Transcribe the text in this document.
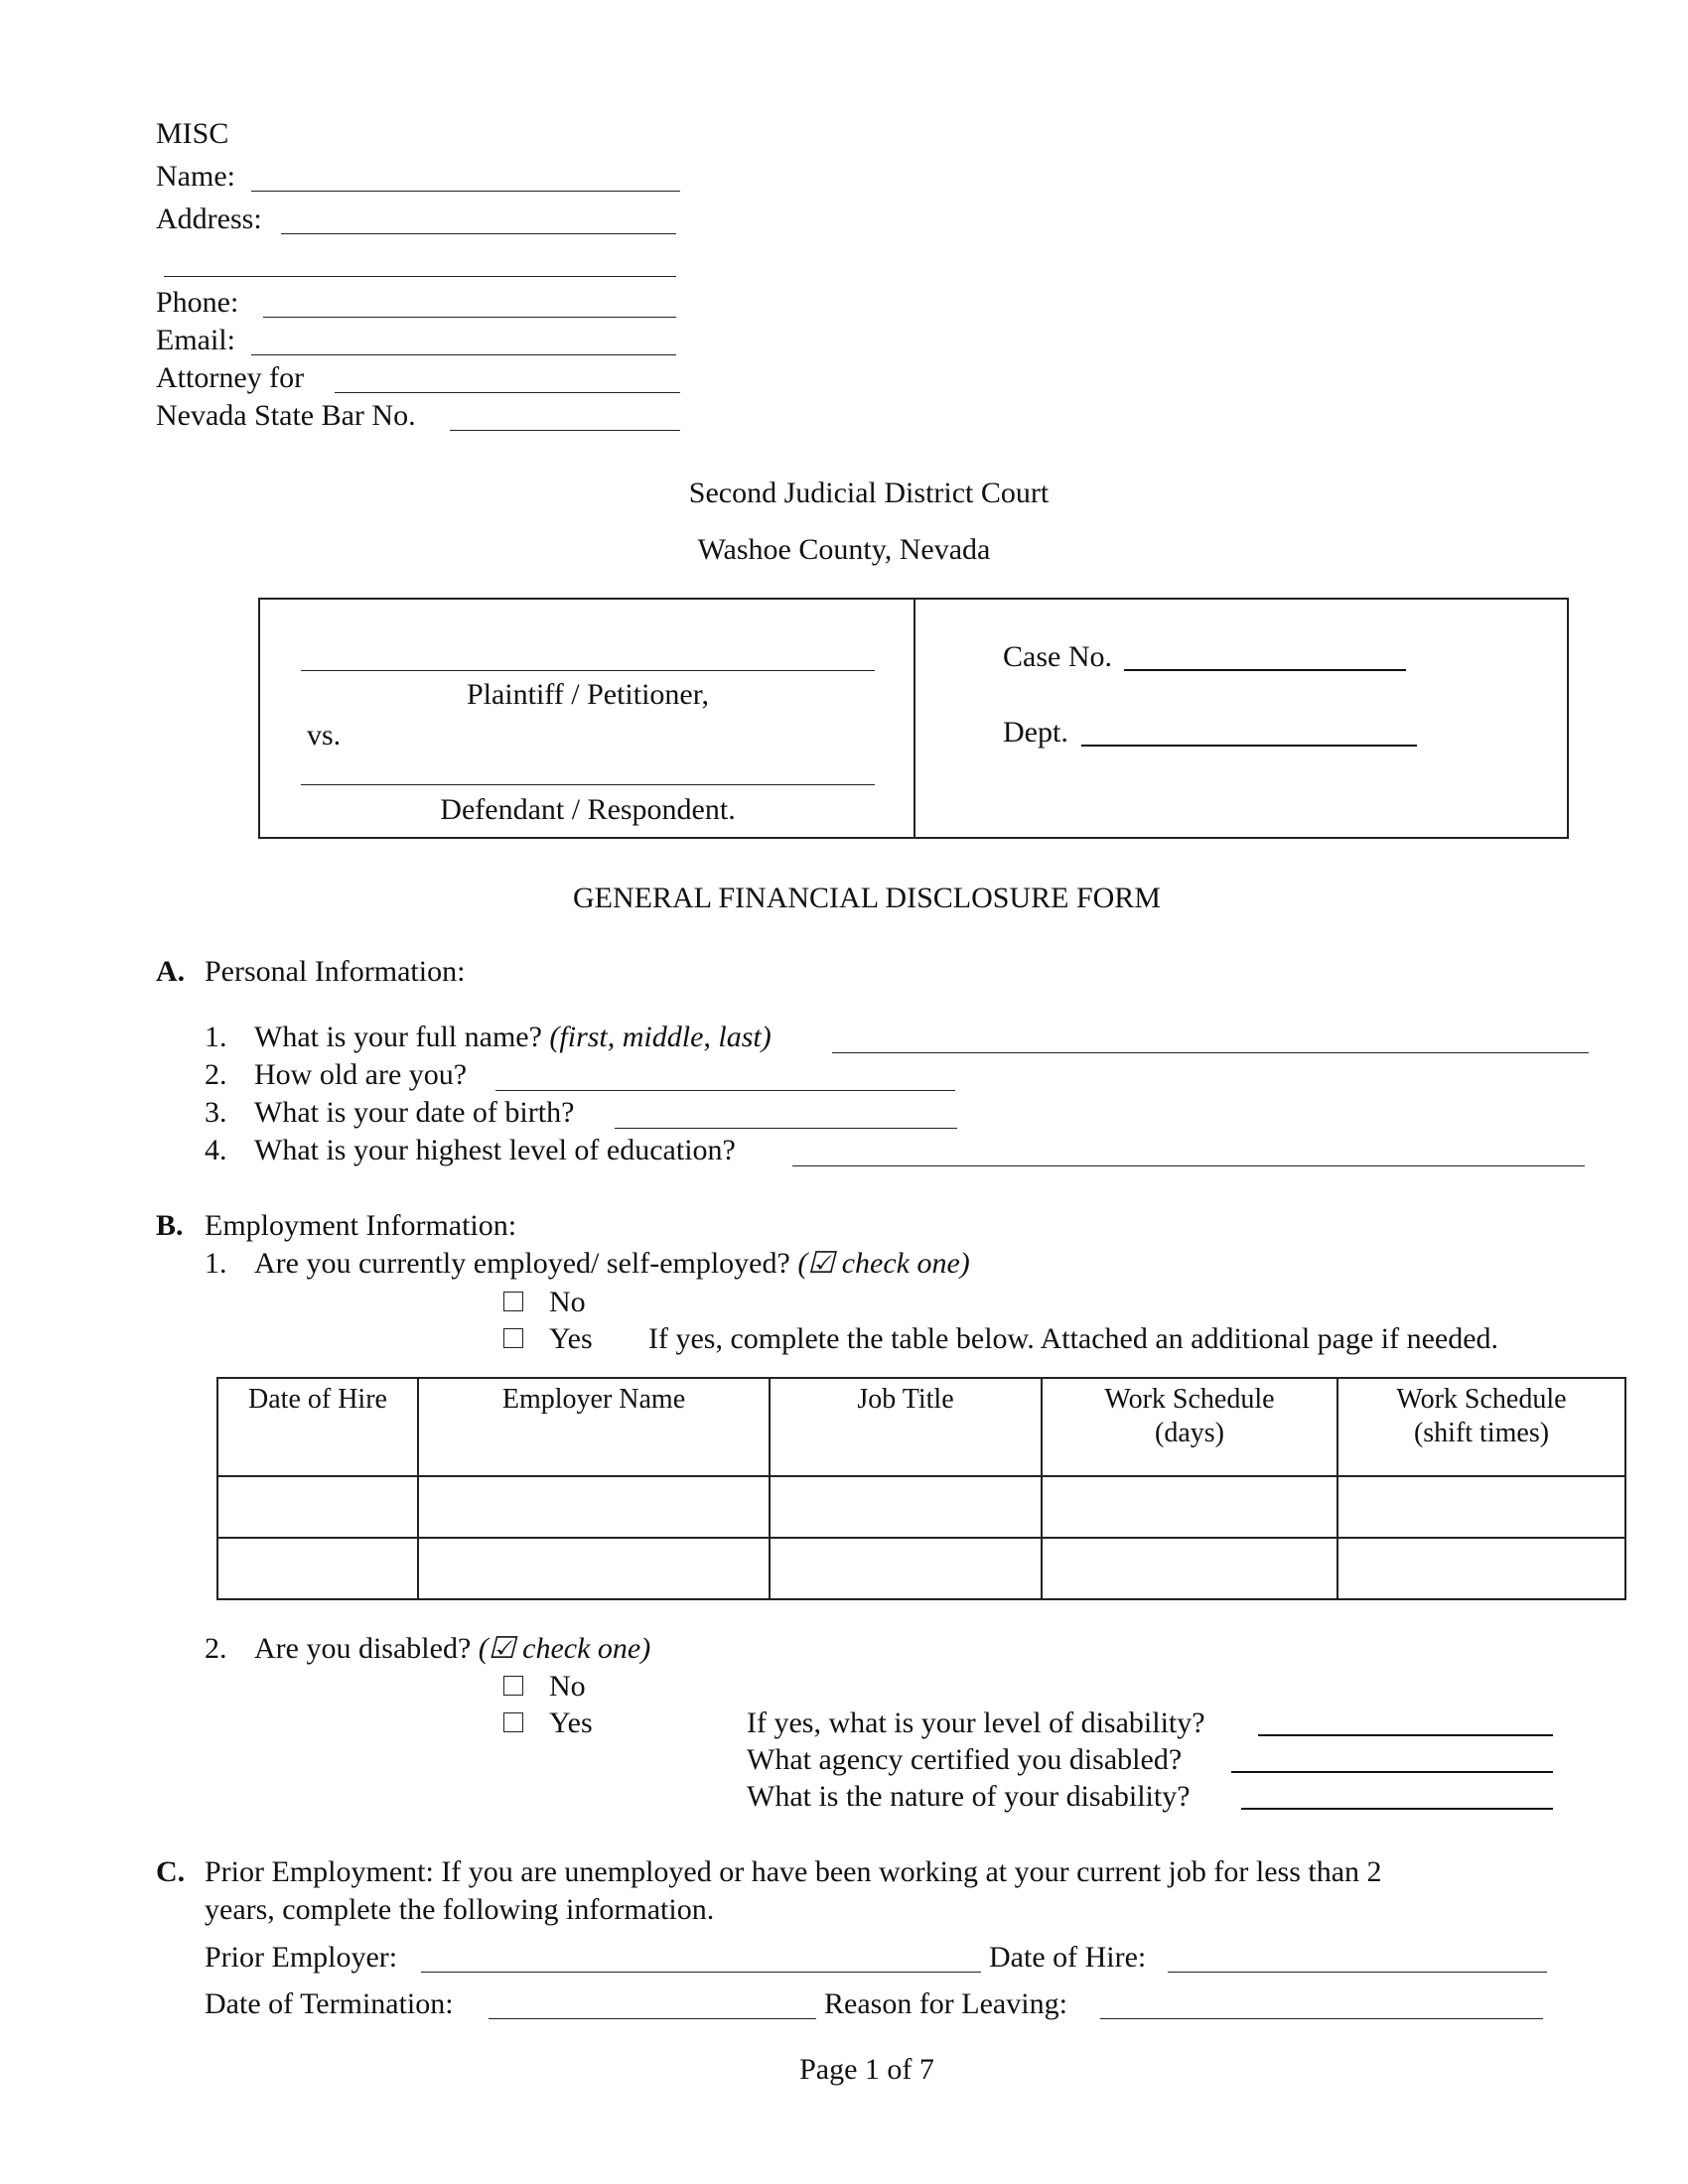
MISC
Name:
Address:
Phone:
Email:
Attorney for
Nevada State Bar No.
Second Judicial District Court
Washoe County, Nevada
Plaintiff / Petitioner,
vs.
Defendant / Respondent.
Case No.
Dept.
GENERAL FINANCIAL DISCLOSURE FORM
A. Personal Information:
1. What is your full name? (first, middle, last)
2. How old are you?
3. What is your date of birth?
4. What is your highest level of education?
B. Employment Information:
1. Are you currently employed/ self-employed? (☑ check one)
No
Yes If yes, complete the table below. Attached an additional page if needed.
Date of Hire	Employer Name	Job Title	Work Schedule (days)	Work Schedule (shift times)

2. Are you disabled? (☑ check one)
No
Yes	If yes, what is your level of disability?
What agency certified you disabled?
What is the nature of your disability?
C. Prior Employment: If you are unemployed or have been working at your current job for less than 2
years, complete the following information.
Prior Employer:	Date of Hire:
Date of Termination:	Reason for Leaving:
Page 1 of 7
